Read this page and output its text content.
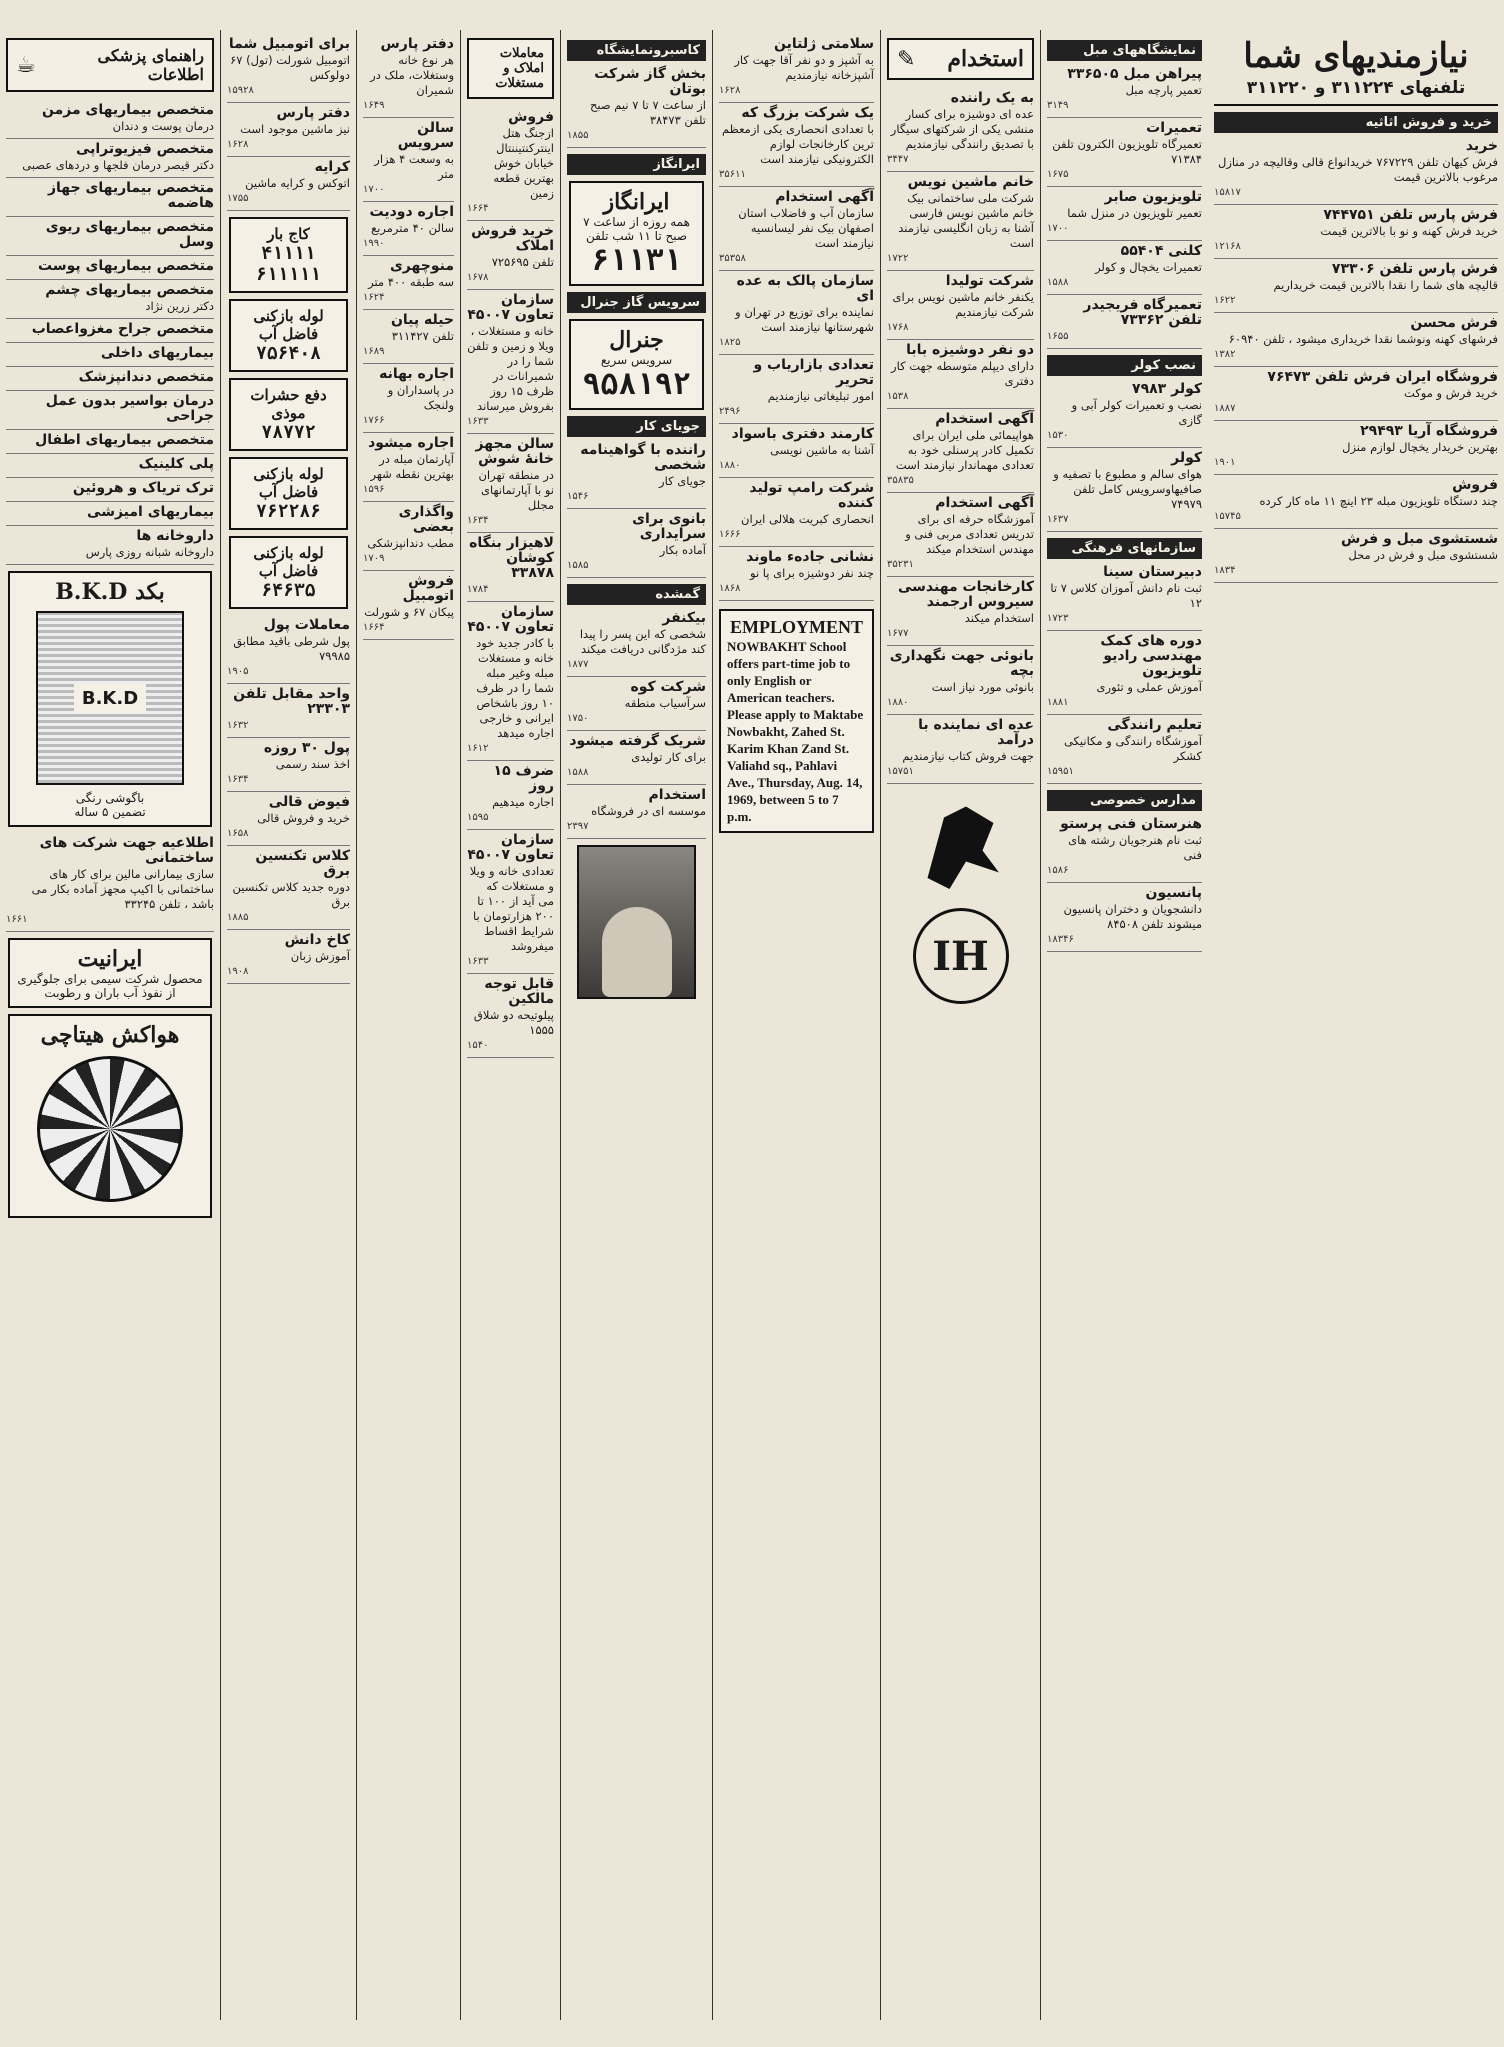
نیازمندیهای شما
تلفنهای ۳۱۱۲۲۴ و ۳۱۱۲۲۰
خرید و فروش اثاثیه
خرید
فرش کیهان تلفن ۷۶۷۲۲۹ خریدانواع قالی وقالیچه در منازل مرغوب بالاترین قیمت
۱۵۸۱۷
فرش پارس تلفن ۷۴۴۷۵۱
خرید فرش کهنه و نو با بالاترین قیمت
۱۲۱۶۸
فرش پارس تلفن ۷۳۳۰۶
قالیچه های شما را نقدا بالاترین قیمت خریداریم
۱۶۲۲
فرش محسن
فرشهای کهنه ونوشما نقدا خریداری میشود ، تلفن ۶۰۹۴۰
۱۳۸۲
فروشگاه ایران فرش تلفن ۷۶۴۷۳
خرید فرش و موکت
۱۸۸۷
فروشگاه آریا ۲۹۴۹۳
بهترین خریدار یخچال لوازم منزل
۱۹۰۱
فروش
چند دستگاه تلویزیون مبله ۲۳ اینچ ۱۱ ماه کار کرده
۱۵۷۴۵
شستشوی مبل و فرش
شستشوی مبل و فرش در محل
۱۸۳۴
نمایشگاههای مبل
پیراهن مبل ۳۳۶۵۰۵
تعمیر پارچه مبل
۳۱۴۹
تعمیرات
تعمیرگاه تلویزیون الکترون تلفن ۷۱۳۸۴
۱۶۷۵
تلویزیون صابر
تعمیر تلویزیون در منزل شما
۱۷۰۰
کلنی ۵۵۴۰۴
تعمیرات یخچال و کولر
۱۵۸۸
تعمیرگاه فریجیدر تلفن ۷۳۳۶۲
۱۶۵۵
نصب کولر
کولر ۷۹۸۳
نصب و تعمیرات کولر آبی و گازی
۱۵۳۰
کولر
هوای سالم و مطبوع با تصفیه و صافیهاوسرویس کامل تلفن ۷۴۹۷۹
۱۶۳۷
سازمانهای فرهنگی
دبیرستان سینا
ثبت نام دانش آموزان کلاس ۷ تا ۱۲
۱۷۲۳
دوره های کمک مهندسی رادیو تلویزیون
آموزش عملی و تئوری
۱۸۸۱
تعلیم رانندگی
آموزشگاه رانندگی و مکانیکی کشکر
۱۵۹۵۱
مدارس خصوصی
هنرستان فنی پرستو
ثبت نام هنرجویان رشته های فنی
۱۵۸۶
پانسیون
دانشجویان و دختران پانسیون میشوند تلفن ۸۴۵۰۸
۱۸۳۴۶
استخدام
✎
به یک راننده
عده ای دوشیزه برای کسار منشی یکی از شرکتهای سیگار با تصدیق رانندگی نیازمندیم
۳۴۴۷
خانم ماشین نویس
شرکت ملی ساختمانی بیک خانم ماشین نویس فارسی آشنا به زبان انگلیسی نیازمند است
۱۷۲۲
شرکت تولیدا
یکنفر خانم ماشین نویس برای شرکت نیازمندیم
۱۷۶۸
دو نفر دوشیزه بابا
دارای دیپلم متوسطه جهت کار دفتری
۱۵۳۸
آگهی استخدام
هواپیمائی ملی ایران برای تکمیل کادر پرسنلی خود به تعدادی مهماندار نیازمند است
۳۵۸۳۵
آگهی استخدام
آموزشگاه حرفه ای برای تدریس تعدادی مربی فنی و مهندس استخدام میکند
۳۵۲۳۱
کارخانجات مهندسی سیروس ارجمند
استخدام میکند
۱۶۷۷
بانوئی جهت نگهداری بچه
بانوئی مورد نیاز است
۱۸۸۰
عده ای نماینده با درآمد
جهت فروش کتاب نیازمندیم
۱۵۷۵۱
IH
سلامتی ژلتاین
به آشپز و دو نفر آقا جهت کار آشپزخانه نیازمندیم
۱۶۲۸
یک شرکت بزرگ که
با تعدادی انحصاری یکی ازمعظم ترین کارخانجات لوازم الکترونیکی نیازمند است
۳۵۶۱۱
آگهی استخدام
سازمان آب و فاضلاب استان اصفهان بیک نفر لیسانسیه نیازمند است
۳۵۳۵۸
سازمان پالک به عده ای
نماینده برای توزیع در تهران و شهرستانها نیازمند است
۱۸۲۵
تعدادی بازاریاب و تحریر
امور تبلیغاتی نیازمندیم
۲۴۹۶
کارمند دفتری باسواد
آشنا به ماشین نویسی
۱۸۸۰
شرکت رامپ تولید کننده
انحصاری کبریت هلالی ایران
۱۶۶۶
نشانی جادهء ماوند
چند نفر دوشیزه برای پا نو
۱۸۶۸
EMPLOYMENT
NOWBAKHT School offers part-time job to only English or American teachers. Please apply to Maktabe Nowbakht, Zahed St. Karim Khan Zand St. Valiahd sq., Pahlavi Ave., Thursday, Aug. 14, 1969, between 5 to 7 p.m.
کاسبرونمایشگاه
بخش گاز شرکت بوتان
از ساعت ۷ تا ۷ نیم صبح تلفن ۳۸۴۷۳
۱۸۵۵
ایرانگاز
ایرانگاز
همه روزه از ساعت ۷ صبح تا ۱۱ شب تلفن
۶۱۱۳۱
سرویس گاز جنرال
جنرال
سرویس سریع
۹۵۸۱۹۲
جویای کار
راننده با گواهینامه شخصی
جویای کار
۱۵۴۶
بانوی برای سرایداری
آماده بکار
۱۵۸۵
گمشده
بیکنفر
شخصی که این پسر را پیدا کند مژدگانی دریافت میکند
۱۸۷۷
شرکت کوه
سرآسیاب منطقه
۱۷۵۰
شریک گرفته میشود
برای کار تولیدی
۱۵۸۸
استخدام
موسسه ای در فروشگاه
۲۳۹۷
معاملات املاک و مستغلات
فروش
ازجنگ هتل اینترکنتیننتال خیابان خوش بهترین قطعه زمین
۱۶۶۴
خرید فروش املاک
تلفن ۷۲۵۶۹۵
۱۶۷۸
سازمان تعاون ۴۵۰۰۷
خانه و مستغلات ، ویلا و زمین و تلفن شما را در شمیرانات در ظرف ۱۵ روز بفروش میرساند
۱۶۳۳
سالن مجهز خانهٔ شوش
در منطقه تهران نو با آپارتمانهای مجلل
۱۶۳۴
لاهیزار بنگاه کوشان ۳۳۸۷۸
۱۷۸۴
سازمان تعاون ۴۵۰۰۷
با کادر جدید خود خانه و مستغلات مبله وغیر مبله شما را در ظرف ۱۰ روز باشخاص ایرانی و خارجی اجاره میدهد
۱۶۱۲
ضرف ۱۵ روز
اجاره میدهیم
۱۵۹۵
سازمان تعاون ۴۵۰۰۷
تعدادی خانه و ویلا و مستغلات که می آید از ۱۰۰ تا ۲۰۰ هزارتومان با شرایط اقساط میفروشد
۱۶۳۳
قابل توجه مالکین
پیلوتیحه دو شلاق ۱۵۵۵
۱۵۴۰
دفتر پارس
هر نوع خانه وستغلات، ملک در شمیران
۱۶۴۹
سالن سرویس
به وسعت ۴ هزار متر
۱۷۰۰
اجاره دودیت
سالن ۴۰ مترمربع
۱۹۹۰
منوچهری
سه طبقه ۴۰۰ متر
۱۶۲۴
حیله پیان
تلفن ۳۱۱۴۲۷
۱۶۸۹
اجاره بهانه
در پاسداران و ولنجک
۱۷۶۶
اجاره میشود
آپارتمان مبله در بهترین نقطه شهر
۱۵۹۶
واگذاری بعضی
مطب دندانپزشکی
۱۷۰۹
فروش اتومبیل
پیکان ۶۷ و شورلت
۱۶۶۴
برای اتومبیل شما
اتومبیل شورلت (تول) ۶۷ دولوکس
۱۵۹۲۸
دفتر پارس
نیز ماشین موجود است
۱۶۲۸
کرایه
اتوکس و کرایه ماشین
۱۷۵۵
کاج بار
۴۱۱۱۱ ۶۱۱۱۱۱
لوله بازکنی فاضل آب
۷۵۶۴۰۸
دفع حشرات موذی
۷۸۷۷۲
لوله بازکنی فاضل آب
۷۶۲۲۸۶
لوله بازکنی فاضل آب
۶۴۶۳۵
معاملات پول
پول شرطی باقید مطابق ۷۹۹۸۵
۱۹۰۵
واحد مقابل تلفن ۲۳۳۰۳
۱۶۳۲
پول ۳۰ روزه
اخذ سند رسمی
۱۶۳۴
فیوض قالی
خرید و فروش قالی
۱۶۵۸
کلاس تکنسین برق
دوره جدید کلاس تکنسین برق
۱۸۸۵
کاخ دانش
آموزش زبان
۱۹۰۸
راهنمای پزشکی اطلاعات
☕
متخصص بیماریهای مزمن
درمان پوست و دندان
متخصص فیزیوتراپی
دکتر قیصر درمان فلجها و دردهای عصبی
متخصص بیماریهای جهاز هاضمه
متخصص بیماریهای ریوی وسل
متخصص بیماریهای پوست
متخصص بیماریهای چشم
دکتر زرین نژاد
متخصص جراح مغزواعصاب
بیماریهای داخلی
متخصص دندانپزشک
درمان بواسیر بدون عمل جراحی
متخصص بیماریهای اطفال
پلی کلینیک
ترک تریاک و هروئین
بیماریهای امیزشی
داروخانه ها
داروخانه شبانه روزی پارس
بکد B.K.D
B.K.D
باگوشی رنگی
تضمین ۵ ساله
اطلاعیه جهت شرکت های ساختمانی
سازی بیمارانی مالین برای کار های ساختمانی با اکیپ مجهز آماده بکار می باشد ، تلفن ۳۳۲۴۵
۱۶۶۱
ایرانیت
محصول شرکت سیمی برای جلوگیری از نفوذ آب باران و رطوبت
هواکش هیتاچی
